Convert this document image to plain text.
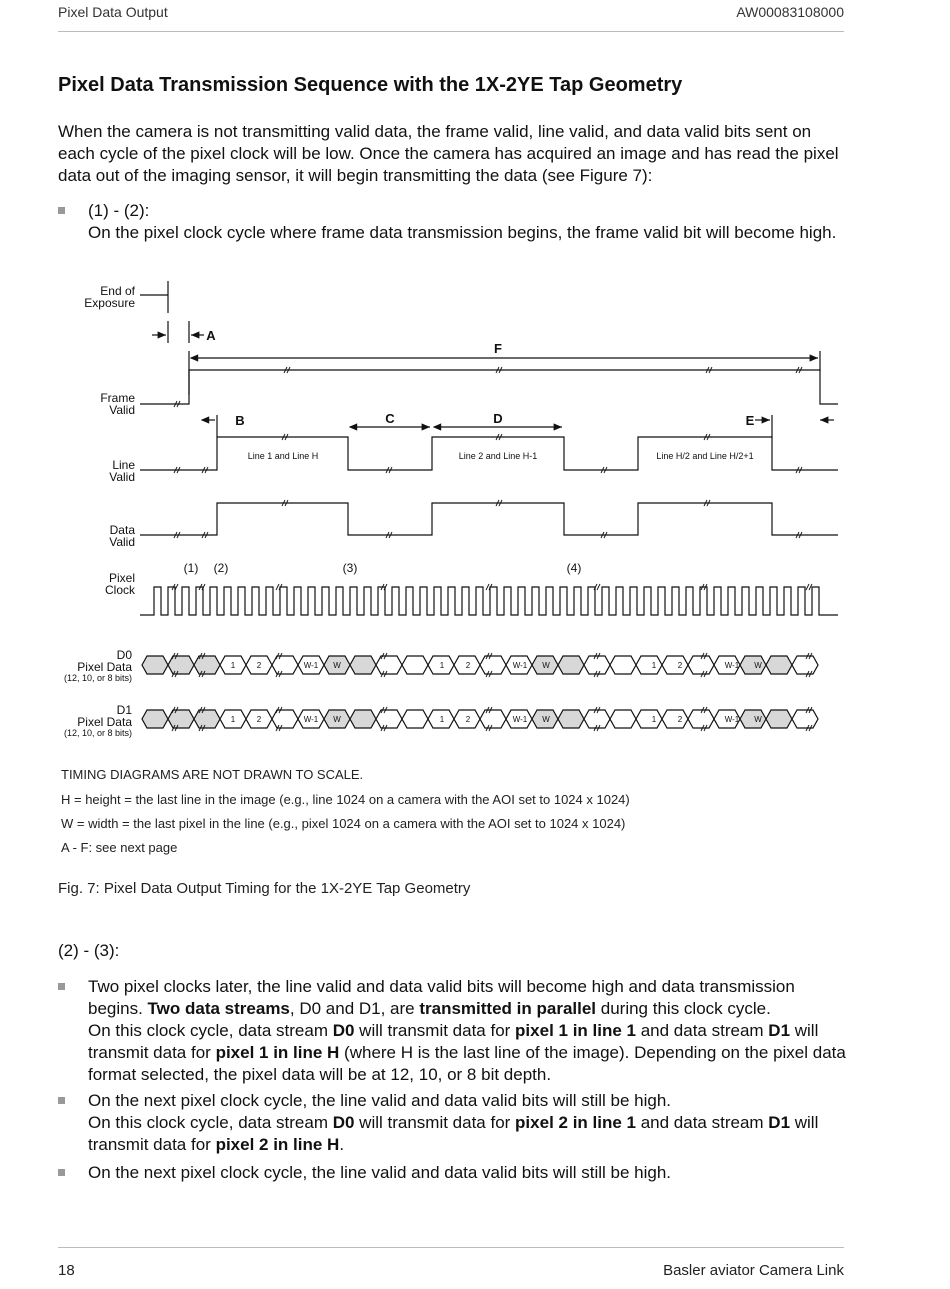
Pixel Data Output	AW00083108000
Pixel Data Transmission Sequence with the 1X-2YE Tap Geometry

When the camera is not transmitting valid data, the frame valid, line valid, and data valid bits sent on each cycle of the pixel clock will be low. Once the camera has acquired an image and has read the pixel data out of the imaging sensor, it will begin transmitting the data (see Figure 7):

(1) - (2):
On the pixel clock cycle where frame data transmission begins, the frame valid bit will become high.
End of
Exposure
Frame
Valid
Line
Valid
Data
Valid
Pixel
Clock
D0
Pixel Data
(12, 10, or 8 bits)
D1
Pixel Data
(12, 10, or 8 bits)
A
B	C	D	E
F
Line 1 and Line H	Line 2 and Line H-1	Line H/2 and Line H/2+1
(1) (2)	(3)	(4)
1	2	W-1 W	1	2	W-1 W	1	2	W-1 W
1	2	W-1 W	1	2	W-1 W	1	2	W-1 W
TIMING DIAGRAMS ARE NOT DRAWN TO SCALE.
H = height = the last line in the image (e.g., line 1024 on a camera with the AOI set to 1024 x 1024)
W = width = the last pixel in the line (e.g., pixel 1024 on a camera with the AOI set to 1024 x 1024)
A - F: see next page
Fig. 7: Pixel Data Output Timing for the 1X-2YE Tap Geometry
(2) - (3):
Two pixel clocks later, the line valid and data valid bits will become high and data transmission begins. Two data streams, D0 and D1, are transmitted in parallel during this clock cycle.
On this clock cycle, data stream D0 will transmit data for pixel 1 in line 1 and data stream D1 will transmit data for pixel 1 in line H (where H is the last line of the image). Depending on the pixel data format selected, the pixel data will be at 12, 10, or 8 bit depth.
On the next pixel clock cycle, the line valid and data valid bits will still be high.
On this clock cycle, data stream D0 will transmit data for pixel 2 in line 1 and data stream D1 will transmit data for pixel 2 in line H.
On the next pixel clock cycle, the line valid and data valid bits will still be high.
18	Basler aviator Camera Link
